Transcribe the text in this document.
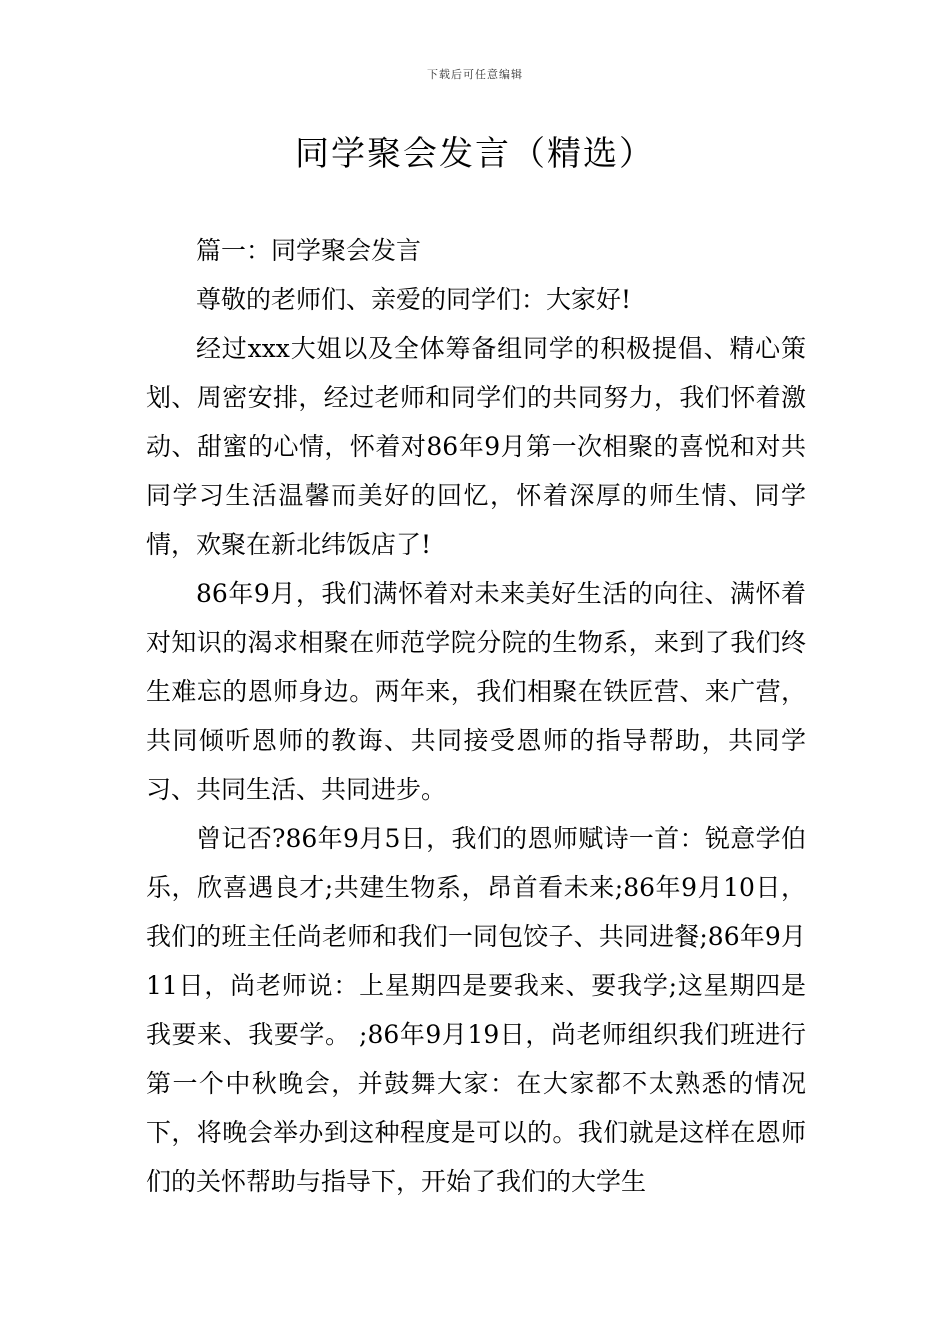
下载后可任意编辑
同学聚会发言（精选）

篇一：同学聚会发言

尊敬的老师们、亲爱的同学们：大家好!

经过xxx大姐以及全体筹备组同学的积极提倡、精心策划、周密安排，经过老师和同学们的共同努力，我们怀着激动、甜蜜的心情，怀着对86年9月第一次相聚的喜悦和对共同学习生活温馨而美好的回忆，怀着深厚的师生情、同学情，欢聚在新北纬饭店了!

86年9月，我们满怀着对未来美好生活的向往、满怀着对知识的渴求相聚在师范学院分院的生物系，来到了我们终生难忘的恩师身边。两年来，我们相聚在铁匠营、来广营，共同倾听恩师的教诲、共同接受恩师的指导帮助，共同学习、共同生活、共同进步。

曾记否?86年9月5日，我们的恩师赋诗一首：锐意学伯乐，欣喜遇良才;共建生物系，昂首看未来;86年9月10日，我们的班主任尚老师和我们一同包饺子、共同进餐;86年9月11日，尚老师说：上星期四是要我来、要我学;这星期四是我要来、我要学。 ;86年9月19日，尚老师组织我们班进行第一个中秋晚会，并鼓舞大家：在大家都不太熟悉的情况下，将晚会举办到这种程度是可以的。我们就是这样在恩师们的关怀帮助与指导下，开始了我们的大学生
